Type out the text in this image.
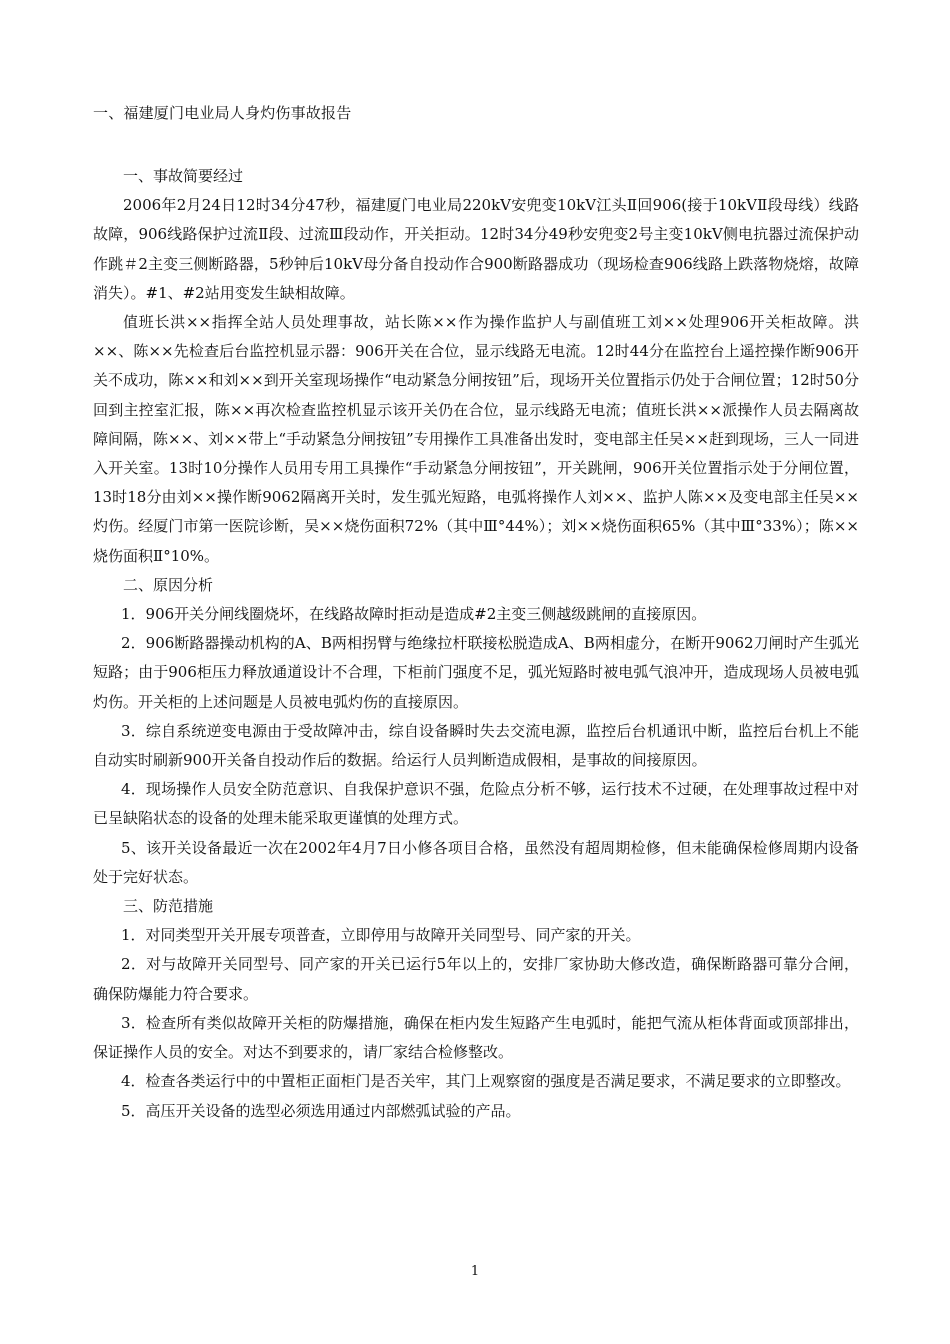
一、福建厦门电业局人身灼伤事故报告

一、事故简要经过

2006年2月24日12时34分47秒，福建厦门电业局220kV安兜变10kV江头Ⅱ回906(接于10kVⅡ段母线）线路故障，906线路保护过流Ⅱ段、过流Ⅲ段动作，开关拒动。12时34分49秒安兜变2号主变10kV侧电抗器过流保护动作跳＃2主变三侧断路器，5秒钟后10kV母分备自投动作合900断路器成功（现场检查906线路上跌落物烧熔，故障消失）。#1、#2站用变发生缺相故障。

值班长洪××指挥全站人员处理事故，站长陈××作为操作监护人与副值班工刘××处理906开关柜故障。洪××、陈××先检查后台监控机显示器：906开关在合位，显示线路无电流。12时44分在监控台上遥控操作断906开关不成功，陈××和刘××到开关室现场操作“电动紧急分闸按钮”后，现场开关位置指示仍处于合闸位置；12时50分回到主控室汇报，陈××再次检查监控机显示该开关仍在合位，显示线路无电流；值班长洪××派操作人员去隔离故障间隔，陈××、刘××带上“手动紧急分闸按钮”专用操作工具准备出发时，变电部主任吴××赶到现场，三人一同进入开关室。13时10分操作人员用专用工具操作“手动紧急分闸按钮”，开关跳闸，906开关位置指示处于分闸位置，13时18分由刘××操作断9062隔离开关时，发生弧光短路，电弧将操作人刘××、监护人陈××及变电部主任吴××灼伤。经厦门市第一医院诊断，吴××烧伤面积72%（其中Ⅲ°44%）；刘××烧伤面积65%（其中Ⅲ°33%）；陈××烧伤面积Ⅱ°10%。

二、原因分析

1．906开关分闸线圈烧坏，在线路故障时拒动是造成#2主变三侧越级跳闸的直接原因。

2．906断路器操动机构的A、B两相拐臂与绝缘拉杆联接松脱造成A、B两相虚分，在断开9062刀闸时产生弧光短路；由于906柜压力释放通道设计不合理，下柜前门强度不足，弧光短路时被电弧气浪冲开，造成现场人员被电弧灼伤。开关柜的上述问题是人员被电弧灼伤的直接原因。

3．综自系统逆变电源由于受故障冲击，综自设备瞬时失去交流电源，监控后台机通讯中断，监控后台机上不能自动实时刷新900开关备自投动作后的数据。给运行人员判断造成假相，是事故的间接原因。

4．现场操作人员安全防范意识、自我保护意识不强，危险点分析不够，运行技术不过硬，在处理事故过程中对已呈缺陷状态的设备的处理未能采取更谨慎的处理方式。

5、该开关设备最近一次在2002年4月7日小修各项目合格，虽然没有超周期检修，但未能确保检修周期内设备处于完好状态。

三、防范措施

1．对同类型开关开展专项普查，立即停用与故障开关同型号、同产家的开关。

2．对与故障开关同型号、同产家的开关已运行5年以上的，安排厂家协助大修改造，确保断路器可靠分合闸，确保防爆能力符合要求。

3．检查所有类似故障开关柜的防爆措施，确保在柜内发生短路产生电弧时，能把气流从柜体背面或顶部排出，保证操作人员的安全。对达不到要求的，请厂家结合检修整改。

4．检查各类运行中的中置柜正面柜门是否关牢，其门上观察窗的强度是否满足要求，不满足要求的立即整改。

5．高压开关设备的选型必须选用通过内部燃弧试验的产品。

1
